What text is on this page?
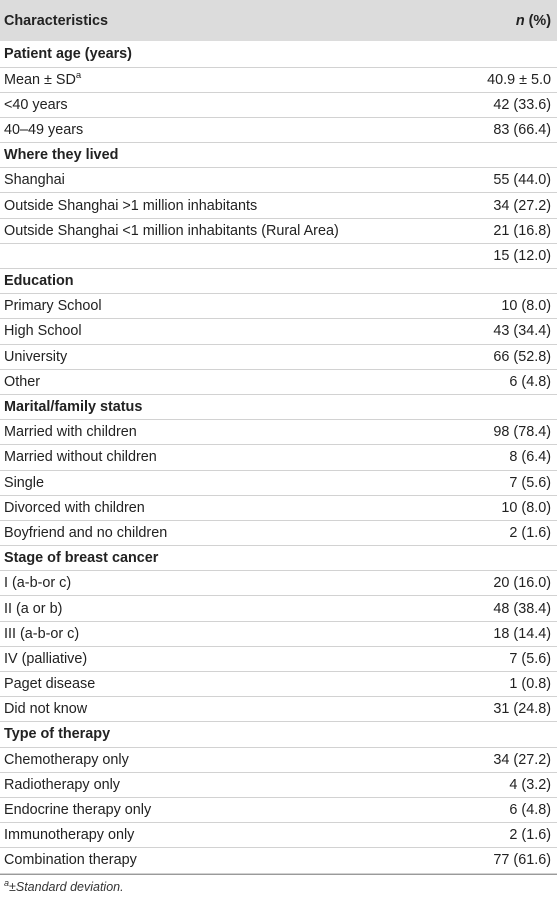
Characteristics	n (%)
Patient age (years)	
Mean ± $SD^a$	40.9 ± 5.0
<40 years	42 (33.6)
40–49 years	83 (66.4)
Where they lived	
Shanghai	55 (44.0)
Outside Shanghai >1 million inhabitants	34 (27.2)
Outside Shanghai <1 million inhabitants (Rural Area)	21 (16.8)
	15 (12.0)
Education	
Primary School	10 (8.0)
High School	43 (34.4)
University	66 (52.8)
Other	6 (4.8)
Marital/family status	
Married with children	98 (78.4)
Married without children	8 (6.4)
Single	7 (5.6)
Divorced with children	10 (8.0)
Boyfriend and no children	2 (1.6)
Stage of breast cancer	
I (a-b-or c)	20 (16.0)
II (a or b)	48 (38.4)
III (a-b-or c)	18 (14.4)
IV (palliative)	7 (5.6)
Paget disease	1 (0.8)
Did not know	31 (24.8)
Type of therapy	
Chemotherapy only	34 (27.2)
Radiotherapy only	4 (3.2)
Endocrine therapy only	6 (4.8)
Immunotherapy only	2 (1.6)
Combination therapy	77 (61.6)
$^a$±Standard deviation.
